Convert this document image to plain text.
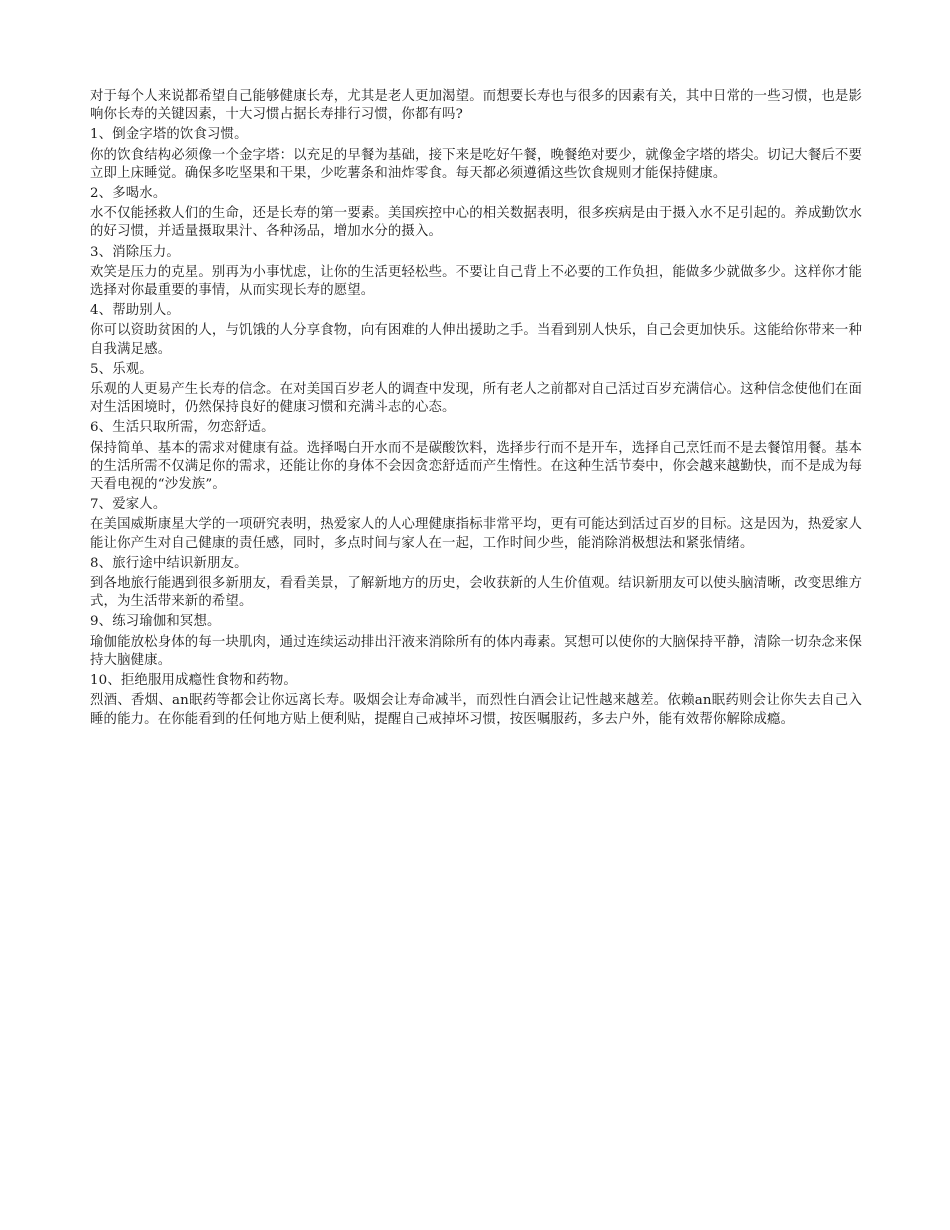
对于每个人来说都希望自己能够健康长寿，尤其是老人更加渴望。而想要长寿也与很多的因素有关，其中日常的一些习惯，也是影响你长寿的关键因素，十大习惯占据长寿排行习惯，你都有吗?

1、倒金字塔的饮食习惯。

你的饮食结构必须像一个金字塔：以充足的早餐为基础，接下来是吃好午餐，晚餐绝对要少，就像金字塔的塔尖。切记大餐后不要立即上床睡觉。确保多吃坚果和干果，少吃薯条和油炸零食。每天都必须遵循这些饮食规则才能保持健康。

2、多喝水。

水不仅能拯救人们的生命，还是长寿的第一要素。美国疾控中心的相关数据表明，很多疾病是由于摄入水不足引起的。养成勤饮水的好习惯，并适量摄取果汁、各种汤品，增加水分的摄入。

3、消除压力。

欢笑是压力的克星。别再为小事忧虑，让你的生活更轻松些。不要让自己背上不必要的工作负担，能做多少就做多少。这样你才能选择对你最重要的事情，从而实现长寿的愿望。

4、帮助别人。

你可以资助贫困的人，与饥饿的人分享食物，向有困难的人伸出援助之手。当看到别人快乐，自己会更加快乐。这能给你带来一种自我满足感。

5、乐观。

乐观的人更易产生长寿的信念。在对美国百岁老人的调查中发现，所有老人之前都对自己活过百岁充满信心。这种信念使他们在面对生活困境时，仍然保持良好的健康习惯和充满斗志的心态。

6、生活只取所需，勿恋舒适。

保持简单、基本的需求对健康有益。选择喝白开水而不是碳酸饮料，选择步行而不是开车，选择自己烹饪而不是去餐馆用餐。基本的生活所需不仅满足你的需求，还能让你的身体不会因贪恋舒适而产生惰性。在这种生活节奏中，你会越来越勤快，而不是成为每天看电视的“沙发族”。

7、爱家人。

在美国威斯康星大学的一项研究表明，热爱家人的人心理健康指标非常平均，更有可能达到活过百岁的目标。这是因为，热爱家人能让你产生对自己健康的责任感，同时，多点时间与家人在一起，工作时间少些，能消除消极想法和紧张情绪。

8、旅行途中结识新朋友。

到各地旅行能遇到很多新朋友，看看美景，了解新地方的历史，会收获新的人生价值观。结识新朋友可以使头脑清晰，改变思维方式，为生活带来新的希望。

9、练习瑜伽和冥想。

瑜伽能放松身体的每一块肌肉，通过连续运动排出汗液来消除所有的体内毒素。冥想可以使你的大脑保持平静，清除一切杂念来保持大脑健康。

10、拒绝服用成瘾性食物和药物。

烈酒、香烟、an眠药等都会让你远离长寿。吸烟会让寿命减半，而烈性白酒会让记性越来越差。依赖an眠药则会让你失去自己入睡的能力。在你能看到的任何地方贴上便利贴，提醒自己戒掉坏习惯，按医嘱服药，多去户外，能有效帮你解除成瘾。
